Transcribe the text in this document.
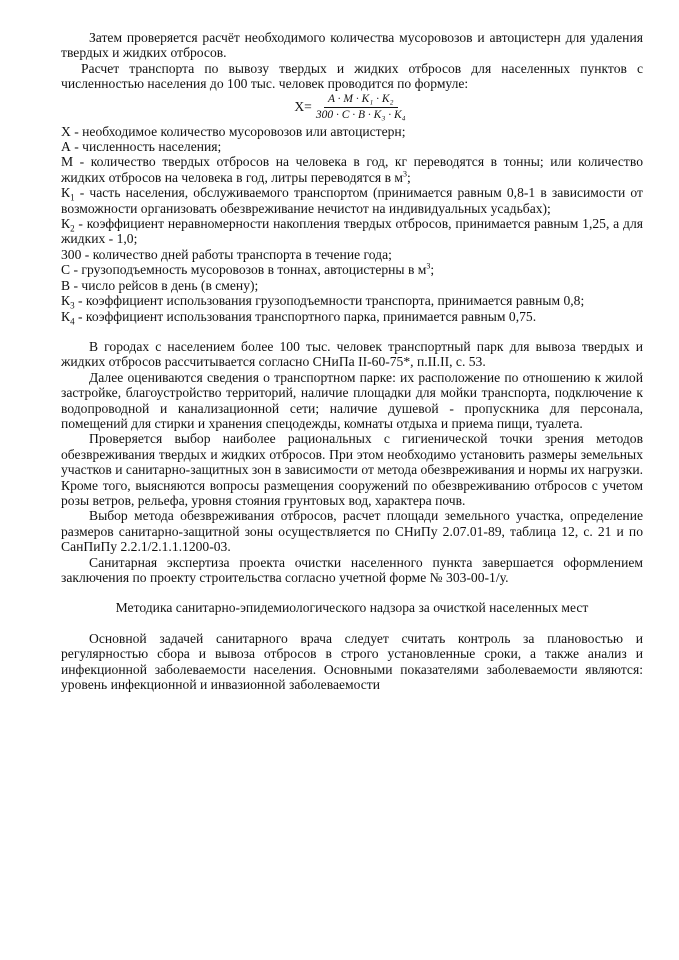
Затем проверяется расчёт необходимого количества мусоровозов и автоцистерн для удаления твердых и жидких отбросов.

Расчет транспорта по вывозу твердых и жидких отбросов для населенных пунктов с численностью населения до 100 тыс. человек проводится по формуле:

$X= \frac{\text{A · M · K₁ · K₂}}{\text{300 · C · B · K₃ · K₄}}$

X - необходимое количество мусоровозов или автоцистерн;

А - численность населения;

М - количество твердых отбросов на человека в год, кг переводятся в тонны; или количество жидких отбросов на человека в год, литры переводятся в $м^3$;

$К_1$ - часть населения, обслуживаемого транспортом (принимается равным 0,8-1 в зависимости от возможности организовать обезвреживание нечистот на индивидуальных усадьбах);

$К_2$ - коэффициент неравномерности накопления твердых отбросов, принимается равным 1,25, а для жидких - 1,0;

300 - количество дней работы транспорта в течение года;

С - грузоподъемность мусоровозов в тоннах, автоцистерны в $м^3$;

В - число рейсов в день (в смену);

$К_3$ - коэффициент использования грузоподъемности транспорта, принимается равным 0,8;

$К_4$ - коэффициент использования транспортного парка, принимается равным 0,75.

В городах с населением более 100 тыс. человек транспортный парк для вывоза твердых и жидких отбросов рассчитывается согласно СНиПа II-60-75*, п.II.II, с. 53.

Далее оцениваются сведения о транспортном парке: их расположение по отношению к жилой застройке, благоустройство территорий, наличие площадки для мойки транспорта, подключение к водопроводной и канализационной сети; наличие душевой - пропускника для персонала, помещений для стирки и хранения спецодежды, комнаты отдыха и приема пищи, туалета.

Проверяется выбор наиболее рациональных с гигиенической точки зрения методов обезвреживания твердых и жидких отбросов. При этом необходимо установить размеры земельных участков и санитарно-защитных зон в зависимости от метода обезвреживания и нормы их нагрузки. Кроме того, выясняются вопросы размещения сооружений по обезвреживанию отбросов с учетом розы ветров, рельефа, уровня стояния грунтовых вод, характера почв.

Выбор метода обезвреживания отбросов, расчет площади земельного участка, определение размеров санитарно-защитной зоны осуществляется по СНиПу 2.07.01-89, таблица 12, с. 21 и по СанПиПу 2.2.1/2.1.1.1200-03.

Санитарная экспертиза проекта очистки населенного пункта завершается оформлением заключения по проекту строительства согласно учетной форме № 303-00-1/у.

Методика санитарно-эпидемиологического надзора за очисткой населенных мест

Основной задачей санитарного врача следует считать контроль за плановостью и регулярностью сбора и вывоза отбросов в строго установленные сроки, а также анализ и инфекционной заболеваемости населения. Основными показателями заболеваемости являются: уровень инфекционной и инвазионной заболеваемости
